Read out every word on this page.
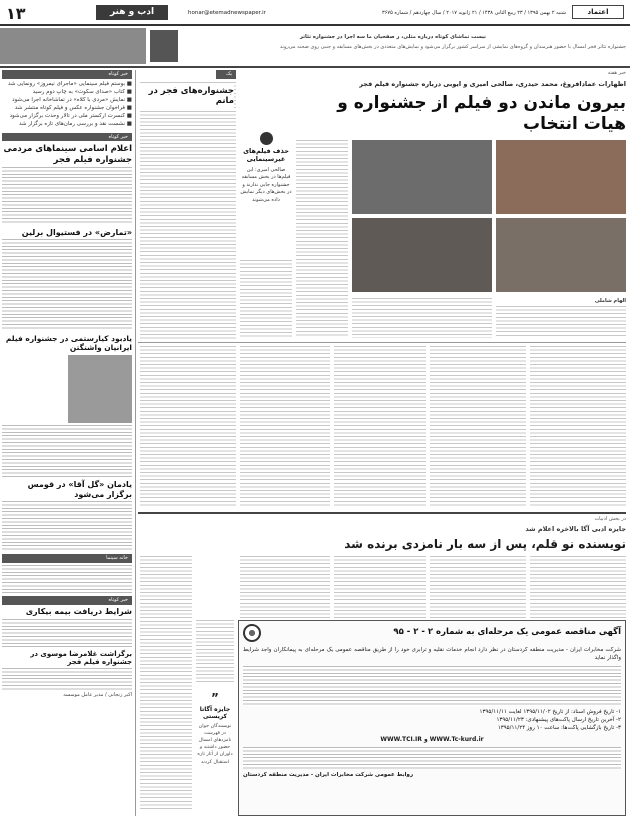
۱۳	ادب و هنر	honar@etemadnewspaper.ir	شنبه ۲ بهمن ۱۳۹۵ / ۲۳ ربیع الثانی ۱۴۳۸ / ۲۱ ژانویه ۲۰۱۷ / سال چهاردهم / شماره ۳۶۷۵	اعتماد
نیست تماشای کوتاه درباره مثلی، ر صفحیان ما سه اجرا در جشنواره تئاتر
جشنواره تئاتر فجر امسال با حضور هنرمندان و گروه‌های نمایشی از سراسر کشور برگزار می‌شود و نمایش‌های متعددی در بخش‌های مسابقه و جنبی روی صحنه می‌روند
خبر کوتاه
■ بوستم فیلم سینمایی «ماجرای نیمروز» رونمایی شد
■ کتاب «صدای سکوت» به چاپ دوم رسید
■ نمایش «مردی با کلاه» در تماشاخانه اجرا می‌شود
■ فراخوان جشنواره عکس و فیلم کوتاه منتشر شد
■ کنسرت ارکستر ملی در تالار وحدت برگزار می‌شود
■ نشست نقد و بررسی رمان‌های تازه برگزار شد
خبر کوتاه
اعلام اسامی سینماهای مردمی جشنواره فیلم فجر
«تمارض» در فستیوال برلین
یادبود کیارستمی در جشنواره فیلم ایرانیان واشنگتن
یادمان «گل آقا» در قومس برگزار می‌شود
خانه سینما
خبر کوتاه
شرایط دریافت بیمه بیکاری
برگزاشت غلامرضا موسوی در جشنواره فیلم فجر
اکبر زنجانی / مدیر عامل موسسه
یک
جشنواره‌های فجر در مانم
حذف فیلم‌های غیرسینمایی
صالحی امیری: این فیلم‌ها در بخش مسابقه جشنواره جایی ندارند و در بخش‌های دیگر نمایش داده می‌شوند
خبر هفته
اظهارات عمادافروغ، محمد حیدری، صالحی امیری و ایوبی درباره جشنواره فیلم فجر
بیرون ماندن دو فیلم از جشنواره و هیات انتخاب
الهام شاملی
در بخش ادبیات
جایزه ادبی آگا بالاخره اعلام شد
نویسنده نو قلم، پس از سه بار نامزدی برنده شد
”
جایزه آگاتا کریستی
نویسندگان جوان در فهرست نامزدهای امسال حضور داشتند و داوران از آثار تازه استقبال کردند
آگهی مناقصه عمومی یک مرحله‌ای به شماره ۲ - ۲ - ۹۵
شرکت مخابرات ایران - مدیریت منطقه کردستان در نظر دارد انجام خدمات نقلیه و ترابری خود را از طریق مناقصه عمومی یک مرحله‌ای به پیمانکاران واجد شرایط واگذار نماید
۱- تاریخ فروش اسناد: از تاریخ ۱۳۹۵/۱۱/۰۲ لغایت ۱۳۹۵/۱۱/۱۱
۲- آخرین تاریخ ارسال پاکت‌های پیشنهادی: ۱۳۹۵/۱۱/۲۳
۳- تاریخ بازگشایی پاکت‌ها: ساعت ۱۰ روز ۱۳۹۵/۱۱/۲۴
WWW.TCI.IR و WWW.Tc-kurd.ir
روابط عمومی شرکت مخابرات ایران - مدیریت منطقه کردستان
